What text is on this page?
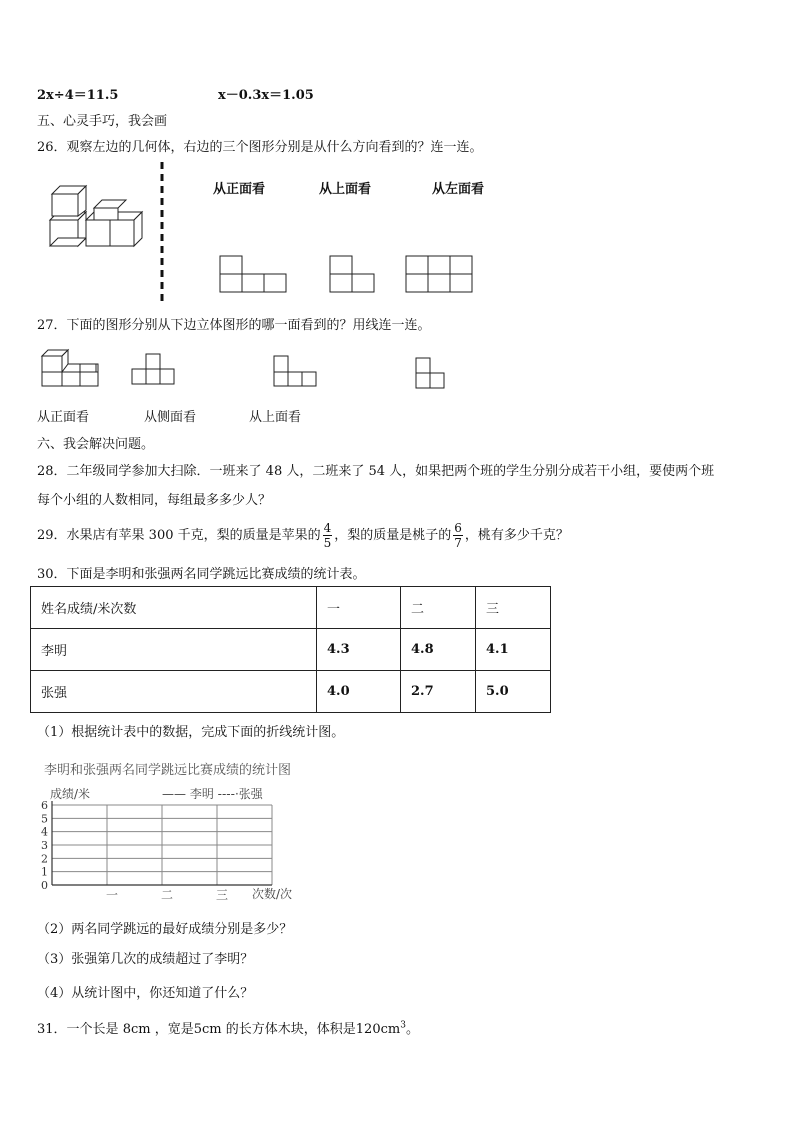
2x÷4＝11.5	x－0.3x＝1.05
五、心灵手巧，我会画
26．观察左边的几何体，右边的三个图形分别是从什么方向看到的？连一连。
从正面看	从上面看	从左面看
27．下面的图形分别从下边立体图形的哪一面看到的？用线连一连。
从正面看	从侧面看	从上面看
六、我会解决问题。
28．二年级同学参加大扫除．一班来了 48 人，二班来了 54 人，如果把两个班的学生分别分成若干小组，要使两个班
每个小组的人数相同，每组最多多少人？
29．水果店有苹果 300 千克，梨的质量是苹果的 $\frac{4}{5}$ ，梨的质量是桃子的 $\frac{6}{7}$ ，桃有多少千克？
30．下面是李明和张强两名同学跳远比赛成绩的统计表。
姓名成绩/米次数	一	二	三
李明	4.3	4.8	4.1
张强	4.0	2.7	5.0
（1）根据统计表中的数据，完成下面的折线统计图。
李明和张强两名同学跳远比赛成绩的统计图
成绩/米	—— 李明 ----·张强
次数/次
0
1
2
3
4
5
6
一	二	三
（2）两名同学跳远的最好成绩分别是多少？
（3）张强第几次的成绩超过了李明？
（4）从统计图中，你还知道了什么？
31．一个长是 8cm ，宽是5cm 的长方体木块，体积是$120cm^3$。
